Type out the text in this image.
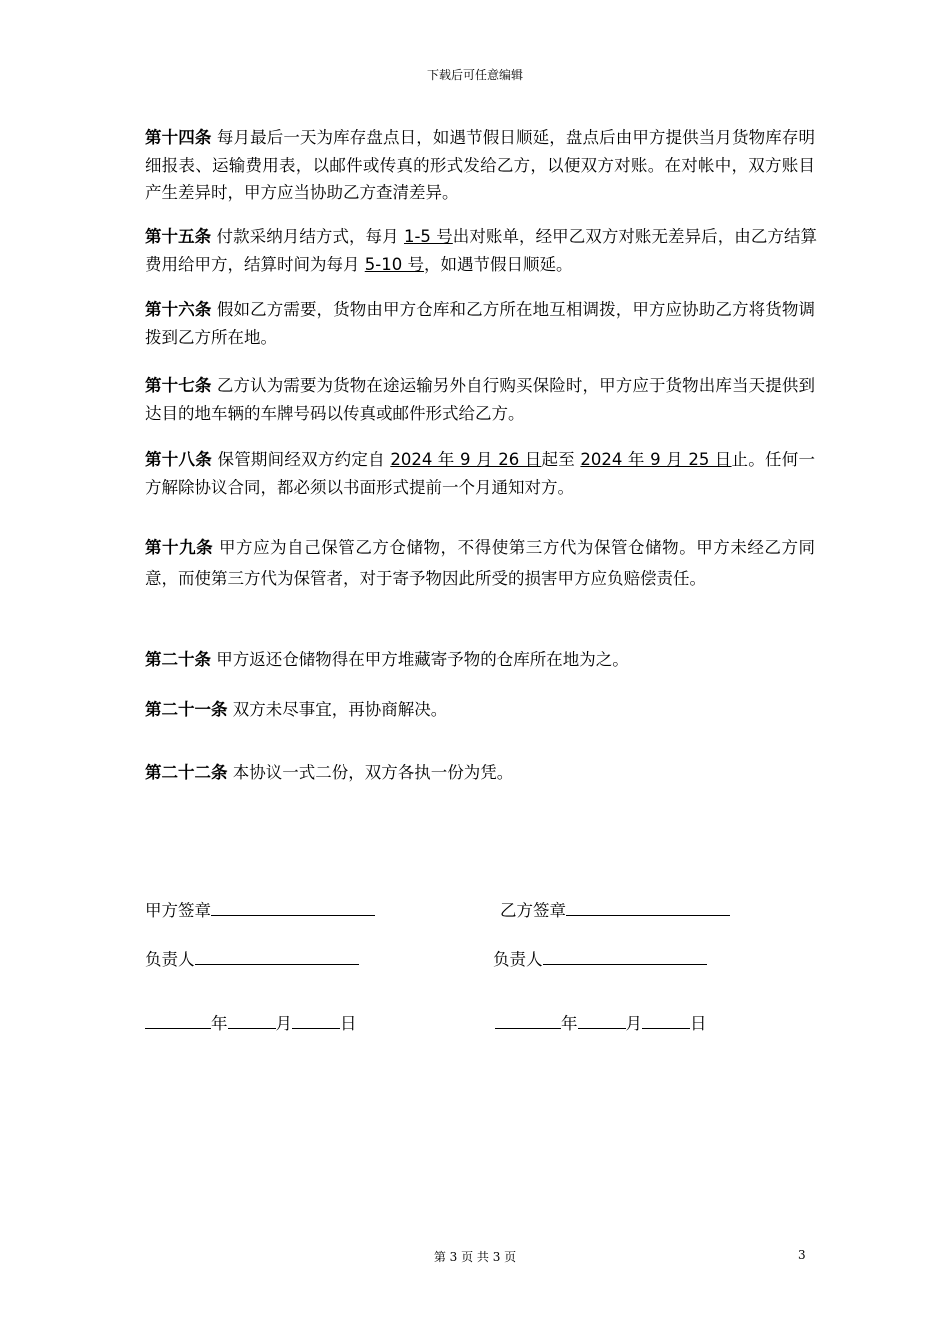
下载后可任意编辑
第十四条 每月最后一天为库存盘点日，如遇节假日顺延，盘点后由甲方提供当月货物库存明细报表、运输费用表，以邮件或传真的形式发给乙方，以便双方对账。在对帐中，双方账目产生差异时，甲方应当协助乙方查清差异。
第十五条 付款采纳月结方式，每月 1-5 号出对账单，经甲乙双方对账无差异后，由乙方结算费用给甲方，结算时间为每月 5-10 号，如遇节假日顺延。
第十六条 假如乙方需要，货物由甲方仓库和乙方所在地互相调拨，甲方应协助乙方将货物调拨到乙方所在地。
第十七条 乙方认为需要为货物在途运输另外自行购买保险时，甲方应于货物出库当天提供到达目的地车辆的车牌号码以传真或邮件形式给乙方。
第十八条 保管期间经双方约定自 2024 年 9 月 26 日起至 2024 年 9 月 25 日止。任何一方解除协议合同，都必须以书面形式提前一个月通知对方。
第十九条 甲方应为自己保管乙方仓储物，不得使第三方代为保管仓储物。甲方未经乙方同意，而使第三方代为保管者，对于寄予物因此所受的损害甲方应负赔偿责任。
第二十条 甲方返还仓储物得在甲方堆藏寄予物的仓库所在地为之。
第二十一条 双方未尽事宜，再协商解决。
第二十二条 本协议一式二份，双方各执一份为凭。
甲方签章	乙方签章
负责人	负责人
年	月	日	年	月	日
第 3 页 共 3 页	3
